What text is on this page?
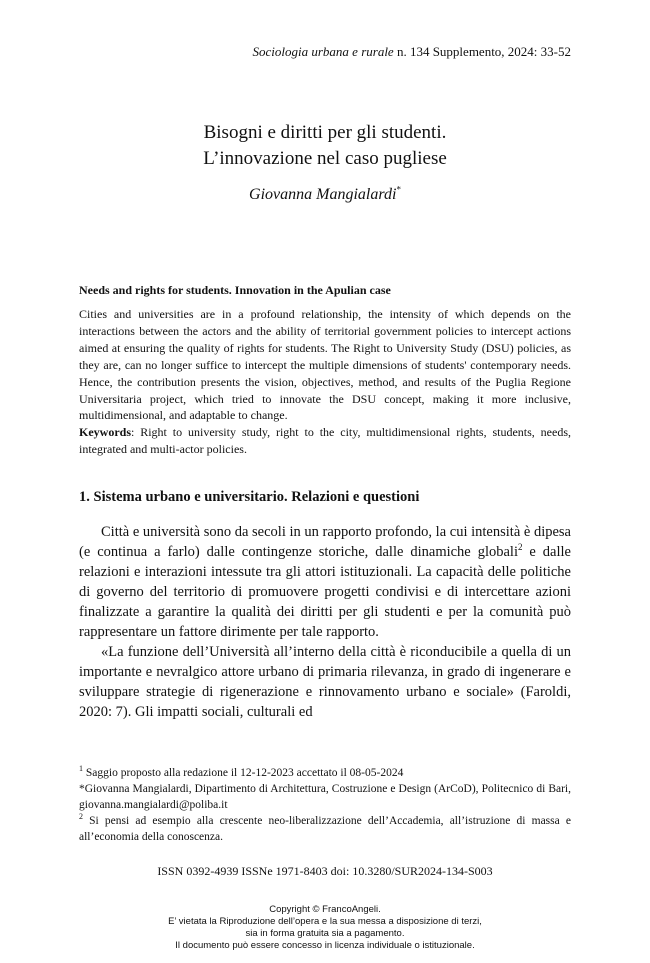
Sociologia urbana e rurale n. 134 Supplemento, 2024: 33-52
Bisogni e diritti per gli studenti.
L’innovazione nel caso pugliese
Giovanna Mangialardi*
Needs and rights for students. Innovation in the Apulian case
Cities and universities are in a profound relationship, the intensity of which depends on the interactions between the actors and the ability of territorial government policies to intercept actions aimed at ensuring the quality of rights for students. The Right to University Study (DSU) policies, as they are, can no longer suffice to intercept the multiple dimensions of students' contemporary needs. Hence, the contribution presents the vision, objectives, method, and results of the Puglia Regione Universitaria project, which tried to innovate the DSU concept, making it more inclusive, multidimensional, and adaptable to change.
Keywords: Right to university study, right to the city, multidimensional rights, students, needs, integrated and multi-actor policies.
1. Sistema urbano e universitario. Relazioni e questioni

Città e università sono da secoli in un rapporto profondo, la cui intensità è dipesa (e continua a farlo) dalle contingenze storiche, dalle dinamiche globali$^2$ e dalle relazioni e interazioni intessute tra gli attori istituzionali. La capacità delle politiche di governo del territorio di promuovere progetti condivisi e di intercettare azioni finalizzate a garantire la qualità dei diritti per gli studenti e per la comunità può rappresentare un fattore dirimente per tale rapporto.

«La funzione dell’Università all’interno della città è riconducibile a quella di un importante e nevralgico attore urbano di primaria rilevanza, in grado di ingenerare e sviluppare strategie di rigenerazione e rinnovamento urbano e sociale» (Faroldi, 2020: 7). Gli impatti sociali, culturali ed

$^1$ Saggio proposto alla redazione il 12-12-2023 accettato il 08-05-2024

*Giovanna Mangialardi, Dipartimento di Architettura, Costruzione e Design (ArCoD), Politecnico di Bari, giovanna.mangialardi@poliba.it

$^2$ Si pensi ad esempio alla crescente neo-liberalizzazione dell’Accademia, all’istruzione di massa e all’economia della conoscenza.

ISSN 0392-4939 ISSNe 1971-8403 doi: 10.3280/SUR2024-134-S003
Copyright © FrancoAngeli.
E’ vietata la Riproduzione dell’opera e la sua messa a disposizione di terzi,
sia in forma gratuita sia a pagamento.
Il documento può essere concesso in licenza individuale o istituzionale.
